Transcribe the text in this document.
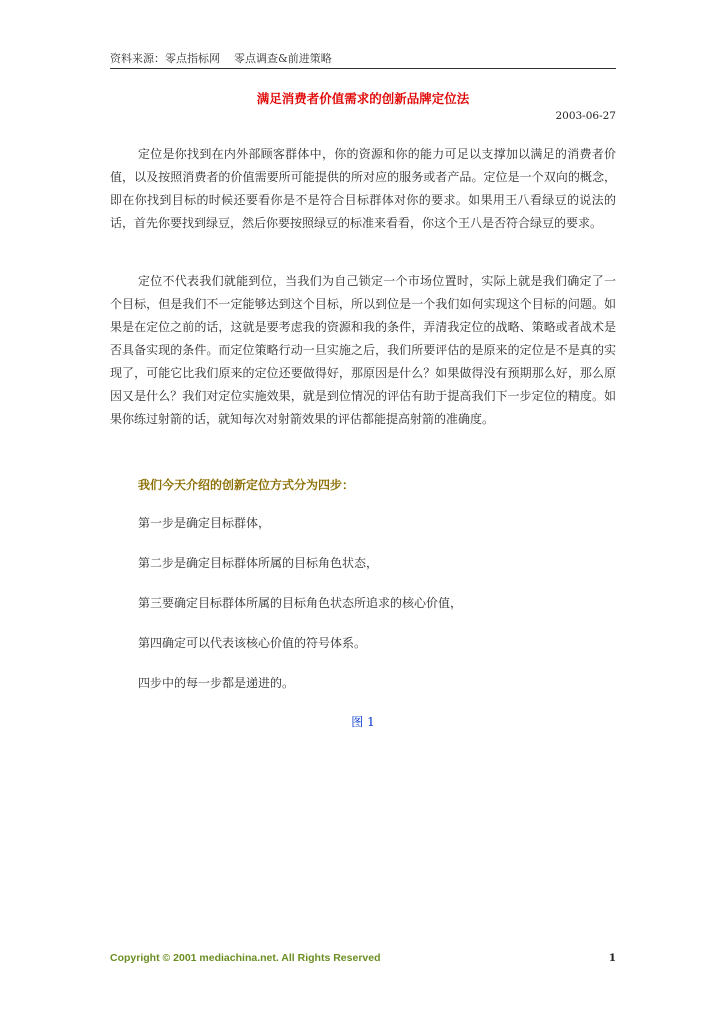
资料来源：零点指标网 零点调查&前进策略
满足消费者价值需求的创新品牌定位法
2003-06-27

定位是你找到在内外部顾客群体中，你的资源和你的能力可足以支撑加以满足的消费者价值，以及按照消费者的价值需要所可能提供的所对应的服务或者产品。定位是一个双向的概念，即在你找到目标的时候还要看你是不是符合目标群体对你的要求。如果用王八看绿豆的说法的话，首先你要找到绿豆，然后你要按照绿豆的标准来看看，你这个王八是否符合绿豆的要求。

定位不代表我们就能到位，当我们为自己锁定一个市场位置时，实际上就是我们确定了一个目标，但是我们不一定能够达到这个目标，所以到位是一个我们如何实现这个目标的问题。如果是在定位之前的话，这就是要考虑我的资源和我的条件，弄清我定位的战略、策略或者战术是否具备实现的条件。而定位策略行动一旦实施之后，我们所要评估的是原来的定位是不是真的实现了，可能它比我们原来的定位还要做得好，那原因是什么？如果做得没有预期那么好，那么原因又是什么？我们对定位实施效果，就是到位情况的评估有助于提高我们下一步定位的精度。如果你练过射箭的话，就知每次对射箭效果的评估都能提高射箭的准确度。

我们今天介绍的创新定位方式分为四步：
第一步是确定目标群体，
第二步是确定目标群体所属的目标角色状态，
第三要确定目标群体所属的目标角色状态所追求的核心价值，
第四确定可以代表该核心价值的符号体系。
四步中的每一步都是递进的。
图 1
Copyright © 2001 mediachina.net. All Rights Reserved	1
